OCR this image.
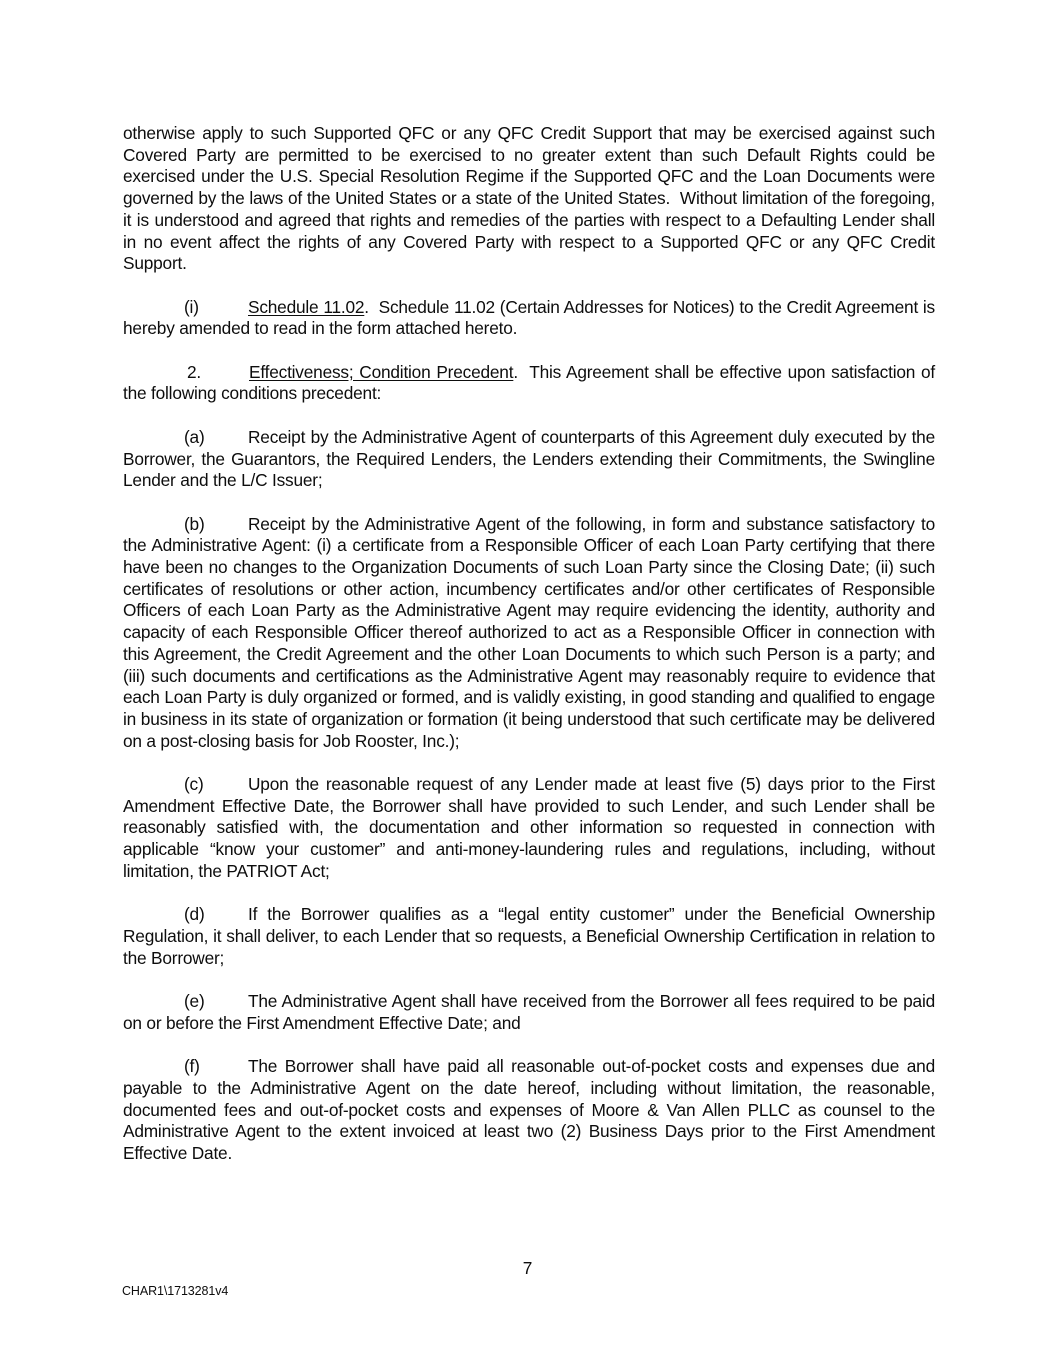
otherwise apply to such Supported QFC or any QFC Credit Support that may be exercised against such Covered Party are permitted to be exercised to no greater extent than such Default Rights could be exercised under the U.S. Special Resolution Regime if the Supported QFC and the Loan Documents were governed by the laws of the United States or a state of the United States.  Without limitation of the foregoing, it is understood and agreed that rights and remedies of the parties with respect to a Defaulting Lender shall in no event affect the rights of any Covered Party with respect to a Supported QFC or any QFC Credit Support.

(i)	Schedule 11.02.  Schedule 11.02 (Certain Addresses for Notices) to the Credit Agreement is hereby amended to read in the form attached hereto.

2.	Effectiveness; Condition Precedent.  This Agreement shall be effective upon satisfaction of the following conditions precedent:

(a)	Receipt by the Administrative Agent of counterparts of this Agreement duly executed by the Borrower, the Guarantors, the Required Lenders, the Lenders extending their Commitments, the Swingline Lender and the L/C Issuer;

(b)	Receipt by the Administrative Agent of the following, in form and substance satisfactory to the Administrative Agent: (i) a certificate from a Responsible Officer of each Loan Party certifying that there have been no changes to the Organization Documents of such Loan Party since the Closing Date; (ii) such certificates of resolutions or other action, incumbency certificates and/or other certificates of Responsible Officers of each Loan Party as the Administrative Agent may require evidencing the identity, authority and capacity of each Responsible Officer thereof authorized to act as a Responsible Officer in connection with this Agreement, the Credit Agreement and the other Loan Documents to which such Person is a party; and (iii) such documents and certifications as the Administrative Agent may reasonably require to evidence that each Loan Party is duly organized or formed, and is validly existing, in good standing and qualified to engage in business in its state of organization or formation (it being understood that such certificate may be delivered on a post-closing basis for Job Rooster, Inc.);

(c)	Upon the reasonable request of any Lender made at least five (5) days prior to the First Amendment Effective Date, the Borrower shall have provided to such Lender, and such Lender shall be reasonably satisfied with, the documentation and other information so requested in connection with applicable “know your customer” and anti-money-laundering rules and regulations, including, without limitation, the PATRIOT Act;

(d)	If the Borrower qualifies as a “legal entity customer” under the Beneficial Ownership Regulation, it shall deliver, to each Lender that so requests, a Beneficial Ownership Certification in relation to the Borrower;

(e)	The Administrative Agent shall have received from the Borrower all fees required to be paid on or before the First Amendment Effective Date; and

(f)	The Borrower shall have paid all reasonable out-of-pocket costs and expenses due and payable to the Administrative Agent on the date hereof, including without limitation, the reasonable, documented fees and out-of-pocket costs and expenses of Moore & Van Allen PLLC as counsel to the Administrative Agent to the extent invoiced at least two (2) Business Days prior to the First Amendment Effective Date.

7
CHAR1\1713281v4
